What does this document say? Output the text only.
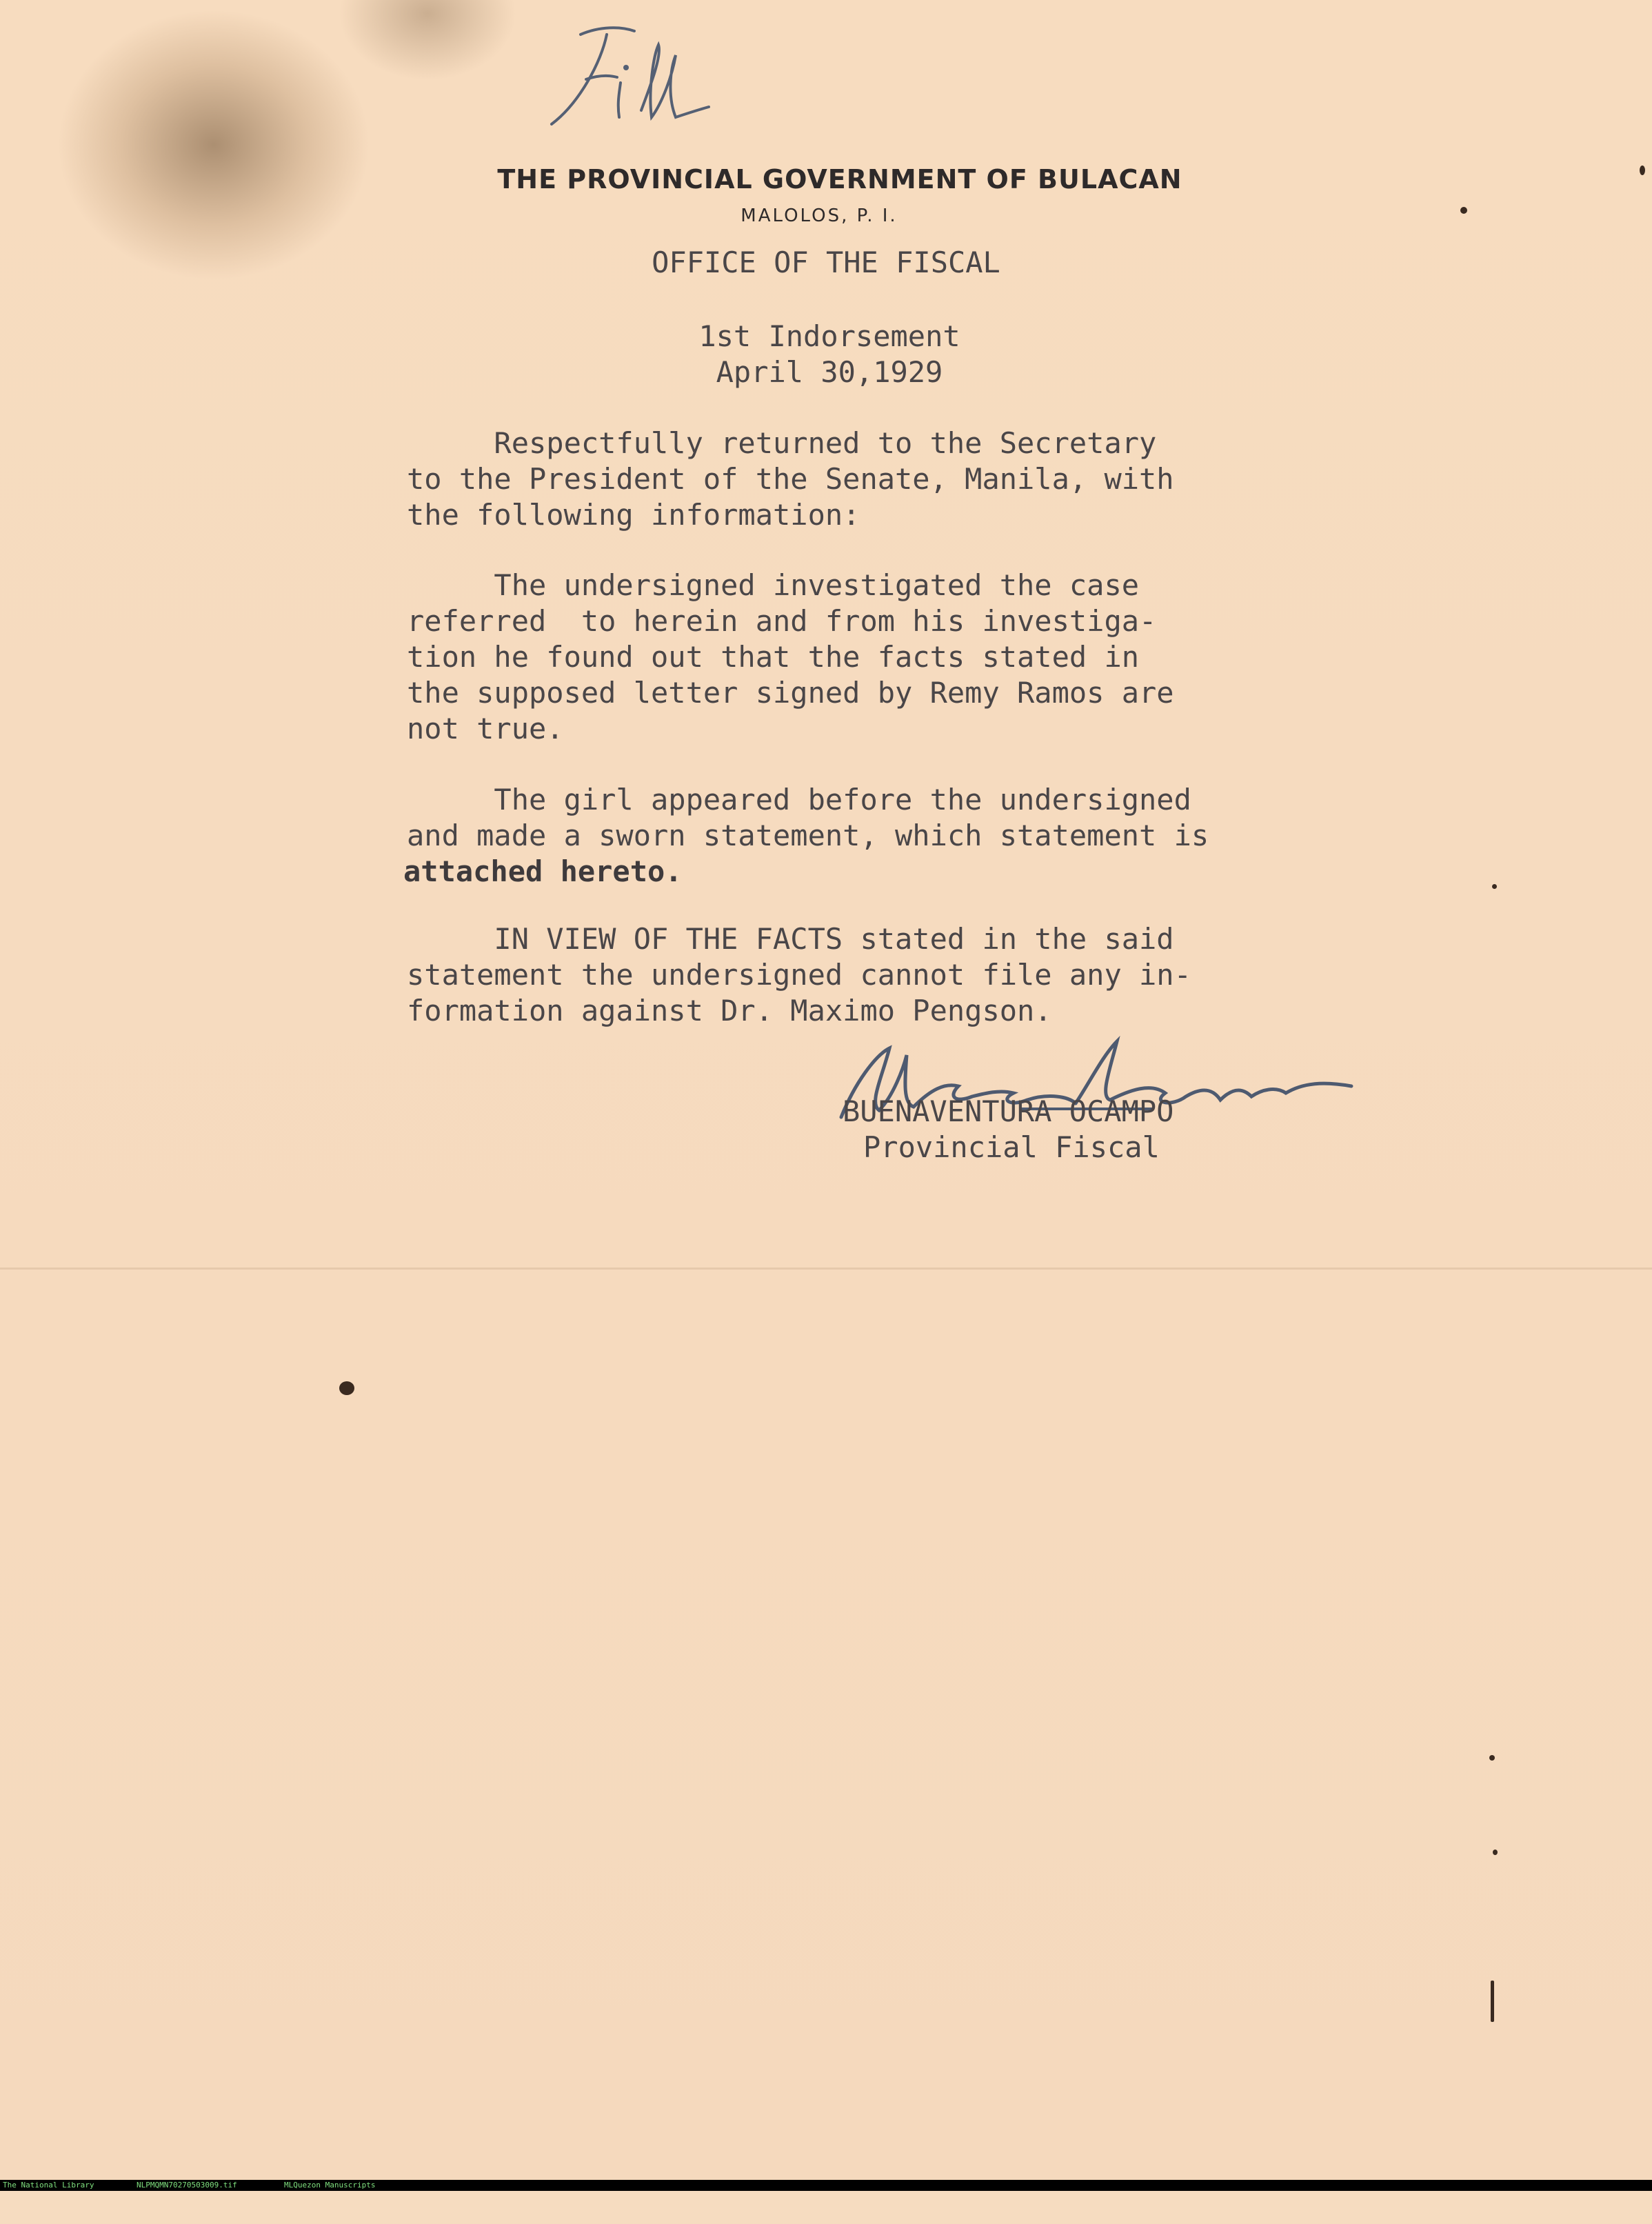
THE PROVINCIAL GOVERNMENT OF BULACAN
MALOLOS, P. I.
OFFICE OF THE FISCAL
1st Indorsement
April 30,1929
Respectfully returned to the Secretary
to the President of the Senate, Manila, with
the following information:
The undersigned investigated the case
referred  to herein and from his investiga-
tion he found out that the facts stated in
the supposed letter signed by Remy Ramos are
not true.
The girl appeared before the undersigned
and made a sworn statement, which statement is
attached hereto.
IN VIEW OF THE FACTS stated in the said
statement the undersigned cannot file any in-
formation against Dr. Maximo Pengson.
BUENAVENTURA OCAMPO
Provincial Fiscal

The National Library

	NLPMQMN70270503009.tif

	MLQuezon Manuscripts
